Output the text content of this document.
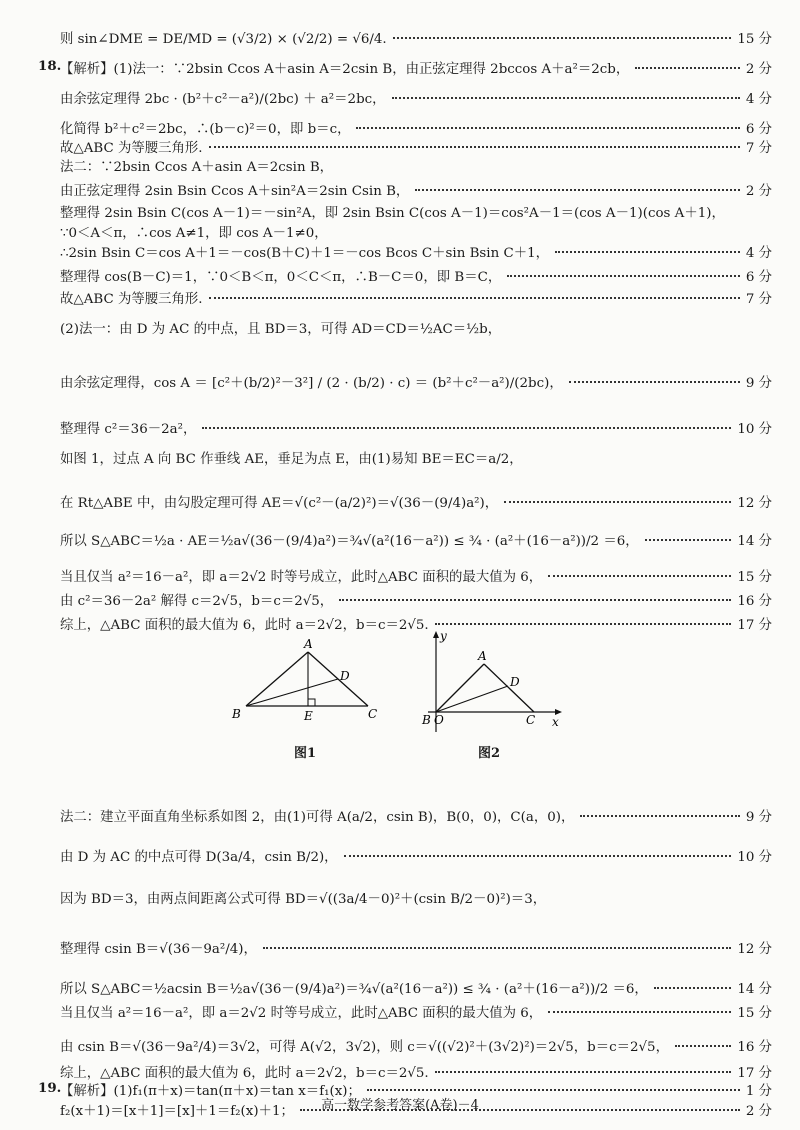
则 sin∠DME = DE/MD = (√3/2) × (√2/2) = √6/4.	15 分
18.
【解析】(1)法一：∵2bsin Ccos A＋asin A＝2csin B，由正弦定理得 2bccos A＋a²＝2cb，	2 分
由余弦定理得 2bc · (b²＋c²－a²)/(2bc) ＋ a²＝2bc，	4 分
化简得 b²＋c²＝2bc，∴(b－c)²＝0，即 b＝c，	6 分
故△ABC 为等腰三角形.	7 分
法二：∵2bsin Ccos A＋asin A＝2csin B，
由正弦定理得 2sin Bsin Ccos A＋sin²A＝2sin Csin B，	2 分
整理得 2sin Bsin C(cos A－1)＝－sin²A，即 2sin Bsin C(cos A－1)＝cos²A－1＝(cos A－1)(cos A＋1)，
∵0＜A＜π，∴cos A≠1，即 cos A－1≠0，
∴2sin Bsin C＝cos A＋1＝－cos(B＋C)＋1＝－cos Bcos C＋sin Bsin C＋1，	4 分
整理得 cos(B－C)＝1，∵0＜B＜π，0＜C＜π，∴B－C＝0，即 B＝C，	6 分
故△ABC 为等腰三角形.	7 分
(2)法一：由 D 为 AC 的中点，且 BD＝3，可得 AD＝CD＝½AC＝½b，
由余弦定理得，cos A ＝ [c²＋(b/2)²－3²] / (2 · (b/2) · c) ＝ (b²＋c²－a²)/(2bc)，	9 分
整理得 c²＝36－2a²，	10 分
如图 1，过点 A 向 BC 作垂线 AE，垂足为点 E，由(1)易知 BE＝EC＝a/2，
在 Rt△ABE 中，由勾股定理可得 AE＝√(c²－(a/2)²)＝√(36－(9/4)a²)，	12 分
所以 S△ABC＝½a · AE＝½a√(36－(9/4)a²)＝¾√(a²(16－a²)) ≤ ¾ · (a²＋(16－a²))/2 ＝6，	14 分
当且仅当 a²＝16－a²，即 a＝2√2 时等号成立，此时△ABC 面积的最大值为 6，	15 分
由 c²＝36－2a² 解得 c＝2√5，b＝c＝2√5，	16 分
综上，△ABC 面积的最大值为 6，此时 a＝2√2，b＝c＝2√5.	17 分
法二：建立平面直角坐标系如图 2，由(1)可得 A(a/2，csin B)，B(0，0)，C(a，0)，	9 分
由 D 为 AC 的中点可得 D(3a/4，csin B/2)，	10 分
因为 BD＝3，由两点间距离公式可得 BD＝√((3a/4－0)²＋(csin B/2－0)²)＝3，
整理得 csin B＝√(36－9a²/4)，	12 分
所以 S△ABC＝½acsin B＝½a√(36－(9/4)a²)＝¾√(a²(16－a²)) ≤ ¾ · (a²＋(16－a²))/2 ＝6，	14 分
当且仅当 a²＝16－a²，即 a＝2√2 时等号成立，此时△ABC 面积的最大值为 6，	15 分
由 csin B＝√(36－9a²/4)＝3√2，可得 A(√2，3√2)，则 c＝√((√2)²＋(3√2)²)＝2√5，b＝c＝2√5，	16 分
综上，△ABC 面积的最大值为 6，此时 a＝2√2，b＝c＝2√5.	17 分
19.
【解析】(1)f₁(π＋x)＝tan(π＋x)＝tan x＝f₁(x)；	1 分
f₂(x＋1)＝[x＋1]＝[x]＋1＝f₂(x)＋1；	2 分
A
B	C
D
E
图1
y
A
D
B O	C x
图2
高一数学参考答案(A卷)－4
